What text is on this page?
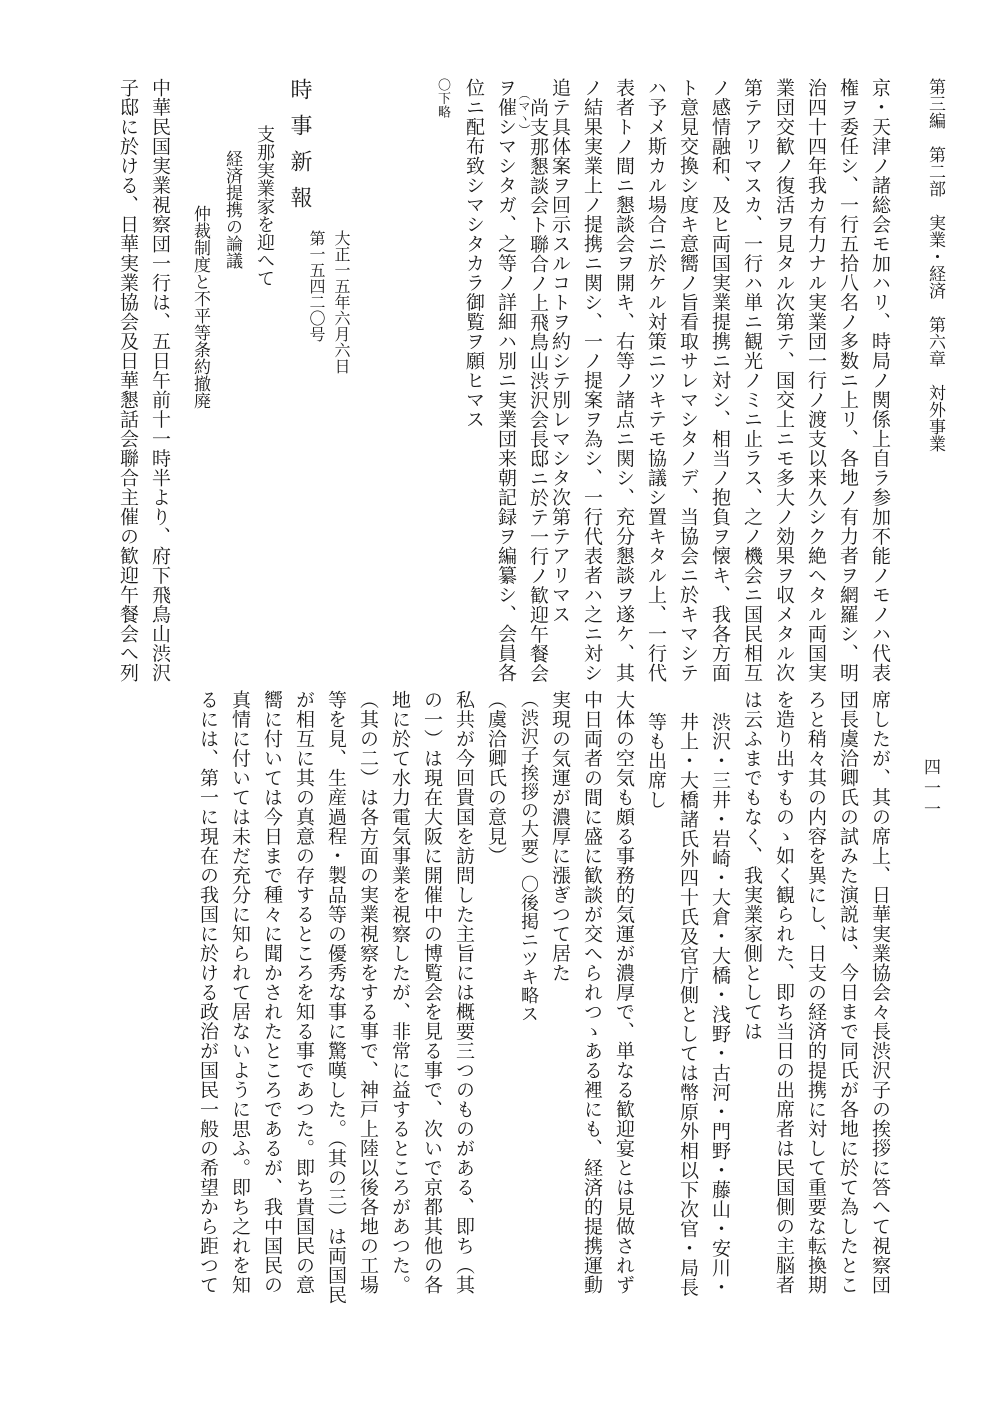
第三編　第二部　実業・経済　第六章　対外事業
四一一
京・天津ノ諸総会モ加ハリ、時局ノ関係上自ラ参加不能ノモノハ代表
権ヲ委任シ、一行五拾八名ノ多数ニ上リ、各地ノ有力者ヲ網羅シ、明
治四十四年我カ有力ナル実業団一行ノ渡支以来久シク絶ヘタル両国実
業団交歓ノ復活ヲ見タル次第テ、国交上ニモ多大ノ効果ヲ収メタル次
第テアリマスカ、一行ハ単ニ観光ノミニ止ラス、之ノ機会ニ国民相互
ノ感情融和、及ヒ両国実業提携ニ対シ、相当ノ抱負ヲ懐キ、我各方面
ト意見交換シ度キ意嚮ノ旨看取サレマシタノデ、当協会ニ於キマシテ
ハ予メ斯カル場合ニ於ケル対策ニツキテモ協議シ置キタル上、一行代
表者トノ間ニ懇談会ヲ開キ、右等ノ諸点ニ関シ、充分懇談ヲ遂ケ、其
ノ結果実業上ノ提携ニ関シ、一ノ提案ヲ為シ、一行代表者ハ之ニ対シ
追テ具体案ヲ回示スルコトヲ約シテ別レマシタ次第テアリマス
（マヽ）
尚支那懇談会ト聯合ノ上飛鳥山渋沢会長邸ニ於テ一行ノ歓迎午餐会
ヲ催シマシタガ、之等ノ詳細ハ別ニ実業団来朝記録ヲ編纂シ、会員各
位ニ配布致シマシタカラ御覧ヲ願ヒマス
〇下略
時事新報
第一五四二〇号 大正一五年六月六日
支那実業家を迎へて
経済提携の論議
仲裁制度と不平等条約撤廃
中華民国実業視察団一行は、五日午前十一時半より、府下飛鳥山渋沢
子邸に於ける、日華実業協会及日華懇話会聯合主催の歓迎午餐会へ列
席したが、其の席上、日華実業協会々長渋沢子の挨拶に答へて視察団
団長虞洽卿氏の試みた演説は、今日まで同氏が各地に於て為したとこ
ろと稍々其の内容を異にし、日支の経済的提携に対して重要な転換期
を造り出すものゝ如く観られた、即ち当日の出席者は民国側の主脳者
は云ふまでもなく、我実業家側としては
渋沢・三井・岩崎・大倉・大橋・浅野・古河・門野・藤山・安川・
井上・大橋諸氏外四十氏及官庁側としては幣原外相以下次官・局長
等も出席し
大体の空気も頗る事務的気運が濃厚で、単なる歓迎宴とは見做されず
中日両者の間に盛に歓談が交へられつゝある裡にも、経済的提携運動
実現の気運が濃厚に漲ぎつて居た
（渋沢子挨拶の大要）〇後掲ニツキ略ス
（虞洽卿氏の意見）
私共が今回貴国を訪問した主旨には概要三つのものがある、即ち（其
の一）は現在大阪に開催中の博覧会を見る事で、次いで京都其他の各
地に於て水力電気事業を視察したが、非常に益するところがあつた。
（其の二）は各方面の実業視察をする事で、神戸上陸以後各地の工場
等を見、生産過程・製品等の優秀な事に驚嘆した。（其の三）は両国民
が相互に其の真意の存するところを知る事であつた。即ち貴国民の意
嚮に付いては今日まで種々に聞かされたところであるが、我中国民の
真情に付いては未だ充分に知られて居ないように思ふ。即ち之れを知
るには、第一に現在の我国に於ける政治が国民一般の希望から距つて
